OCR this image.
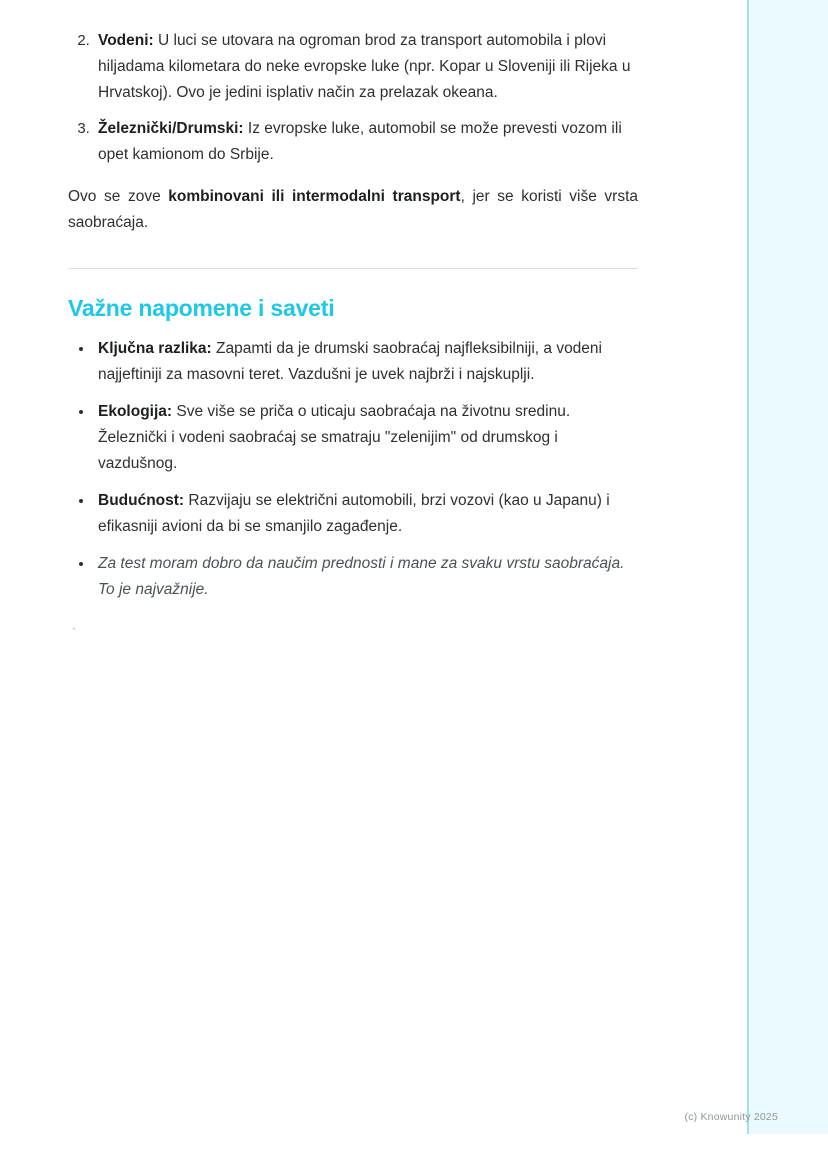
2. Vodeni: U luci se utovara na ogroman brod za transport automobila i plovi hiljadama kilometara do neke evropske luke (npr. Kopar u Sloveniji ili Rijeka u Hrvatskoj). Ovo je jedini isplativ način za prelazak okeana.
3. Železnički/Drumski: Iz evropske luke, automobil se može prevesti vozom ili opet kamionom do Srbije.

Ovo se zove kombinovani ili intermodalni transport, jer se koristi više vrsta saobraćaja.

Važne napomene i saveti
• Ključna razlika: Zapamti da je drumski saobraćaj najfleksibilniji, a vodeni najjeftiniji za masovni teret. Vazdušni je uvek najbrži i najskuplji.
• Ekologija: Sve više se priča o uticaju saobraćaja na životnu sredinu. Železnički i vodeni saobraćaj se smatraju "zelenijim" od drumskog i vazdušnog.
• Budućnost: Razvijaju se električni automobili, brzi vozovi (kao u Japanu) i efikasniji avioni da bi se smanjilo zagađenje.
• Za test moram dobro da naučim prednosti i mane za svaku vrstu saobraćaja. To je najvažnije.
`
(c) Knowunity 2025
